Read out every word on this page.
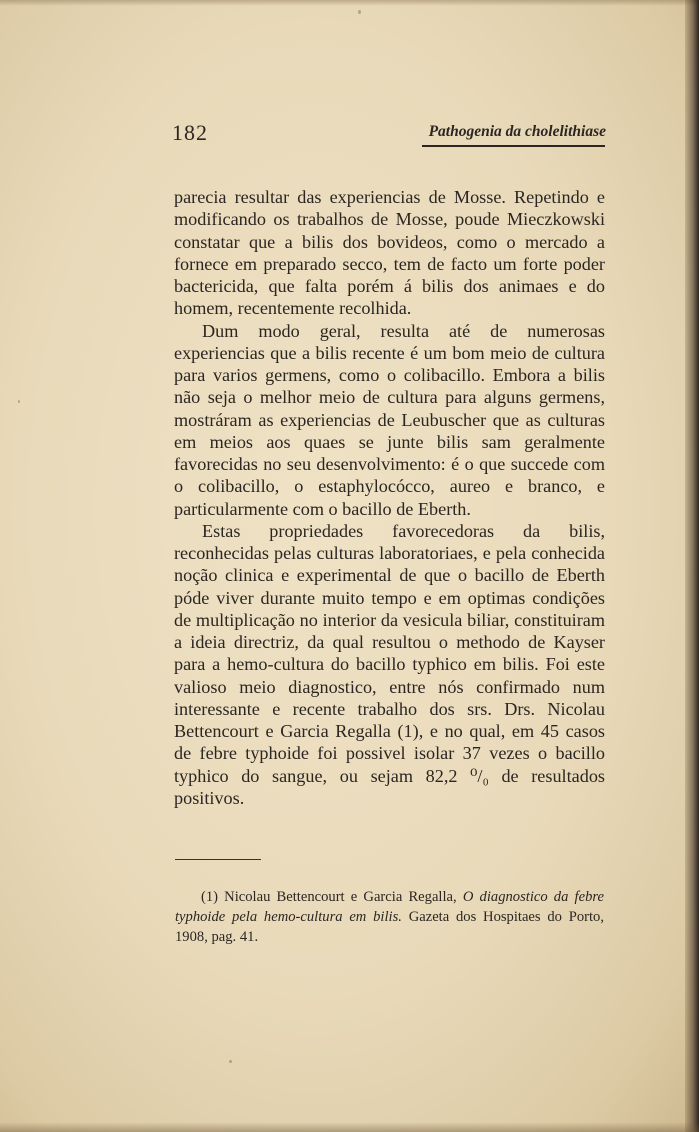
182	Pathogenia da cholelithiase

parecia resultar das experiencias de Mosse. Repetindo e modificando os trabalhos de Mosse, poude Mieczkowski constatar que a bilis dos bovideos, como o mercado a fornece em preparado secco, tem de facto um forte poder bactericida, que falta porém á bilis dos animaes e do homem, recentemente recolhida.

Dum modo geral, resulta até de numerosas experiencias que a bilis recente é um bom meio de cultura para varios germens, como o colibacillo. Embora a bilis não seja o melhor meio de cultura para alguns germens, mostráram as experiencias de Leubuscher que as culturas em meios aos quaes se junte bilis sam geralmente favorecidas no seu desenvolvimento: é o que succede com o colibacillo, o estaphylocócco, aureo e branco, e particularmente com o bacillo de Eberth.

Estas propriedades favorecedoras da bilis, reconhecidas pelas culturas laboratoriaes, e pela conhecida noção clinica e experimental de que o bacillo de Eberth póde viver durante muito tempo e em optimas condições de multiplicação no interior da vesicula biliar, constituiram a ideia directriz, da qual resultou o methodo de Kayser para a hemo-cultura do bacillo typhico em bilis. Foi este valioso meio diagnostico, entre nós confirmado num interessante e recente trabalho dos srs. Drs. Nicolau Bettencourt e Garcia Regalla (1), e no qual, em 45 casos de febre typhoide foi possivel isolar 37 vezes o bacillo typhico do sangue, ou sejam 82,2 ⁰/₀ de resultados positivos.

(1) Nicolau Bettencourt e Garcia Regalla, O diagnostico da febre typhoide pela hemo-cultura em bilis. Gazeta dos Hospitaes do Porto, 1908, pag. 41.
